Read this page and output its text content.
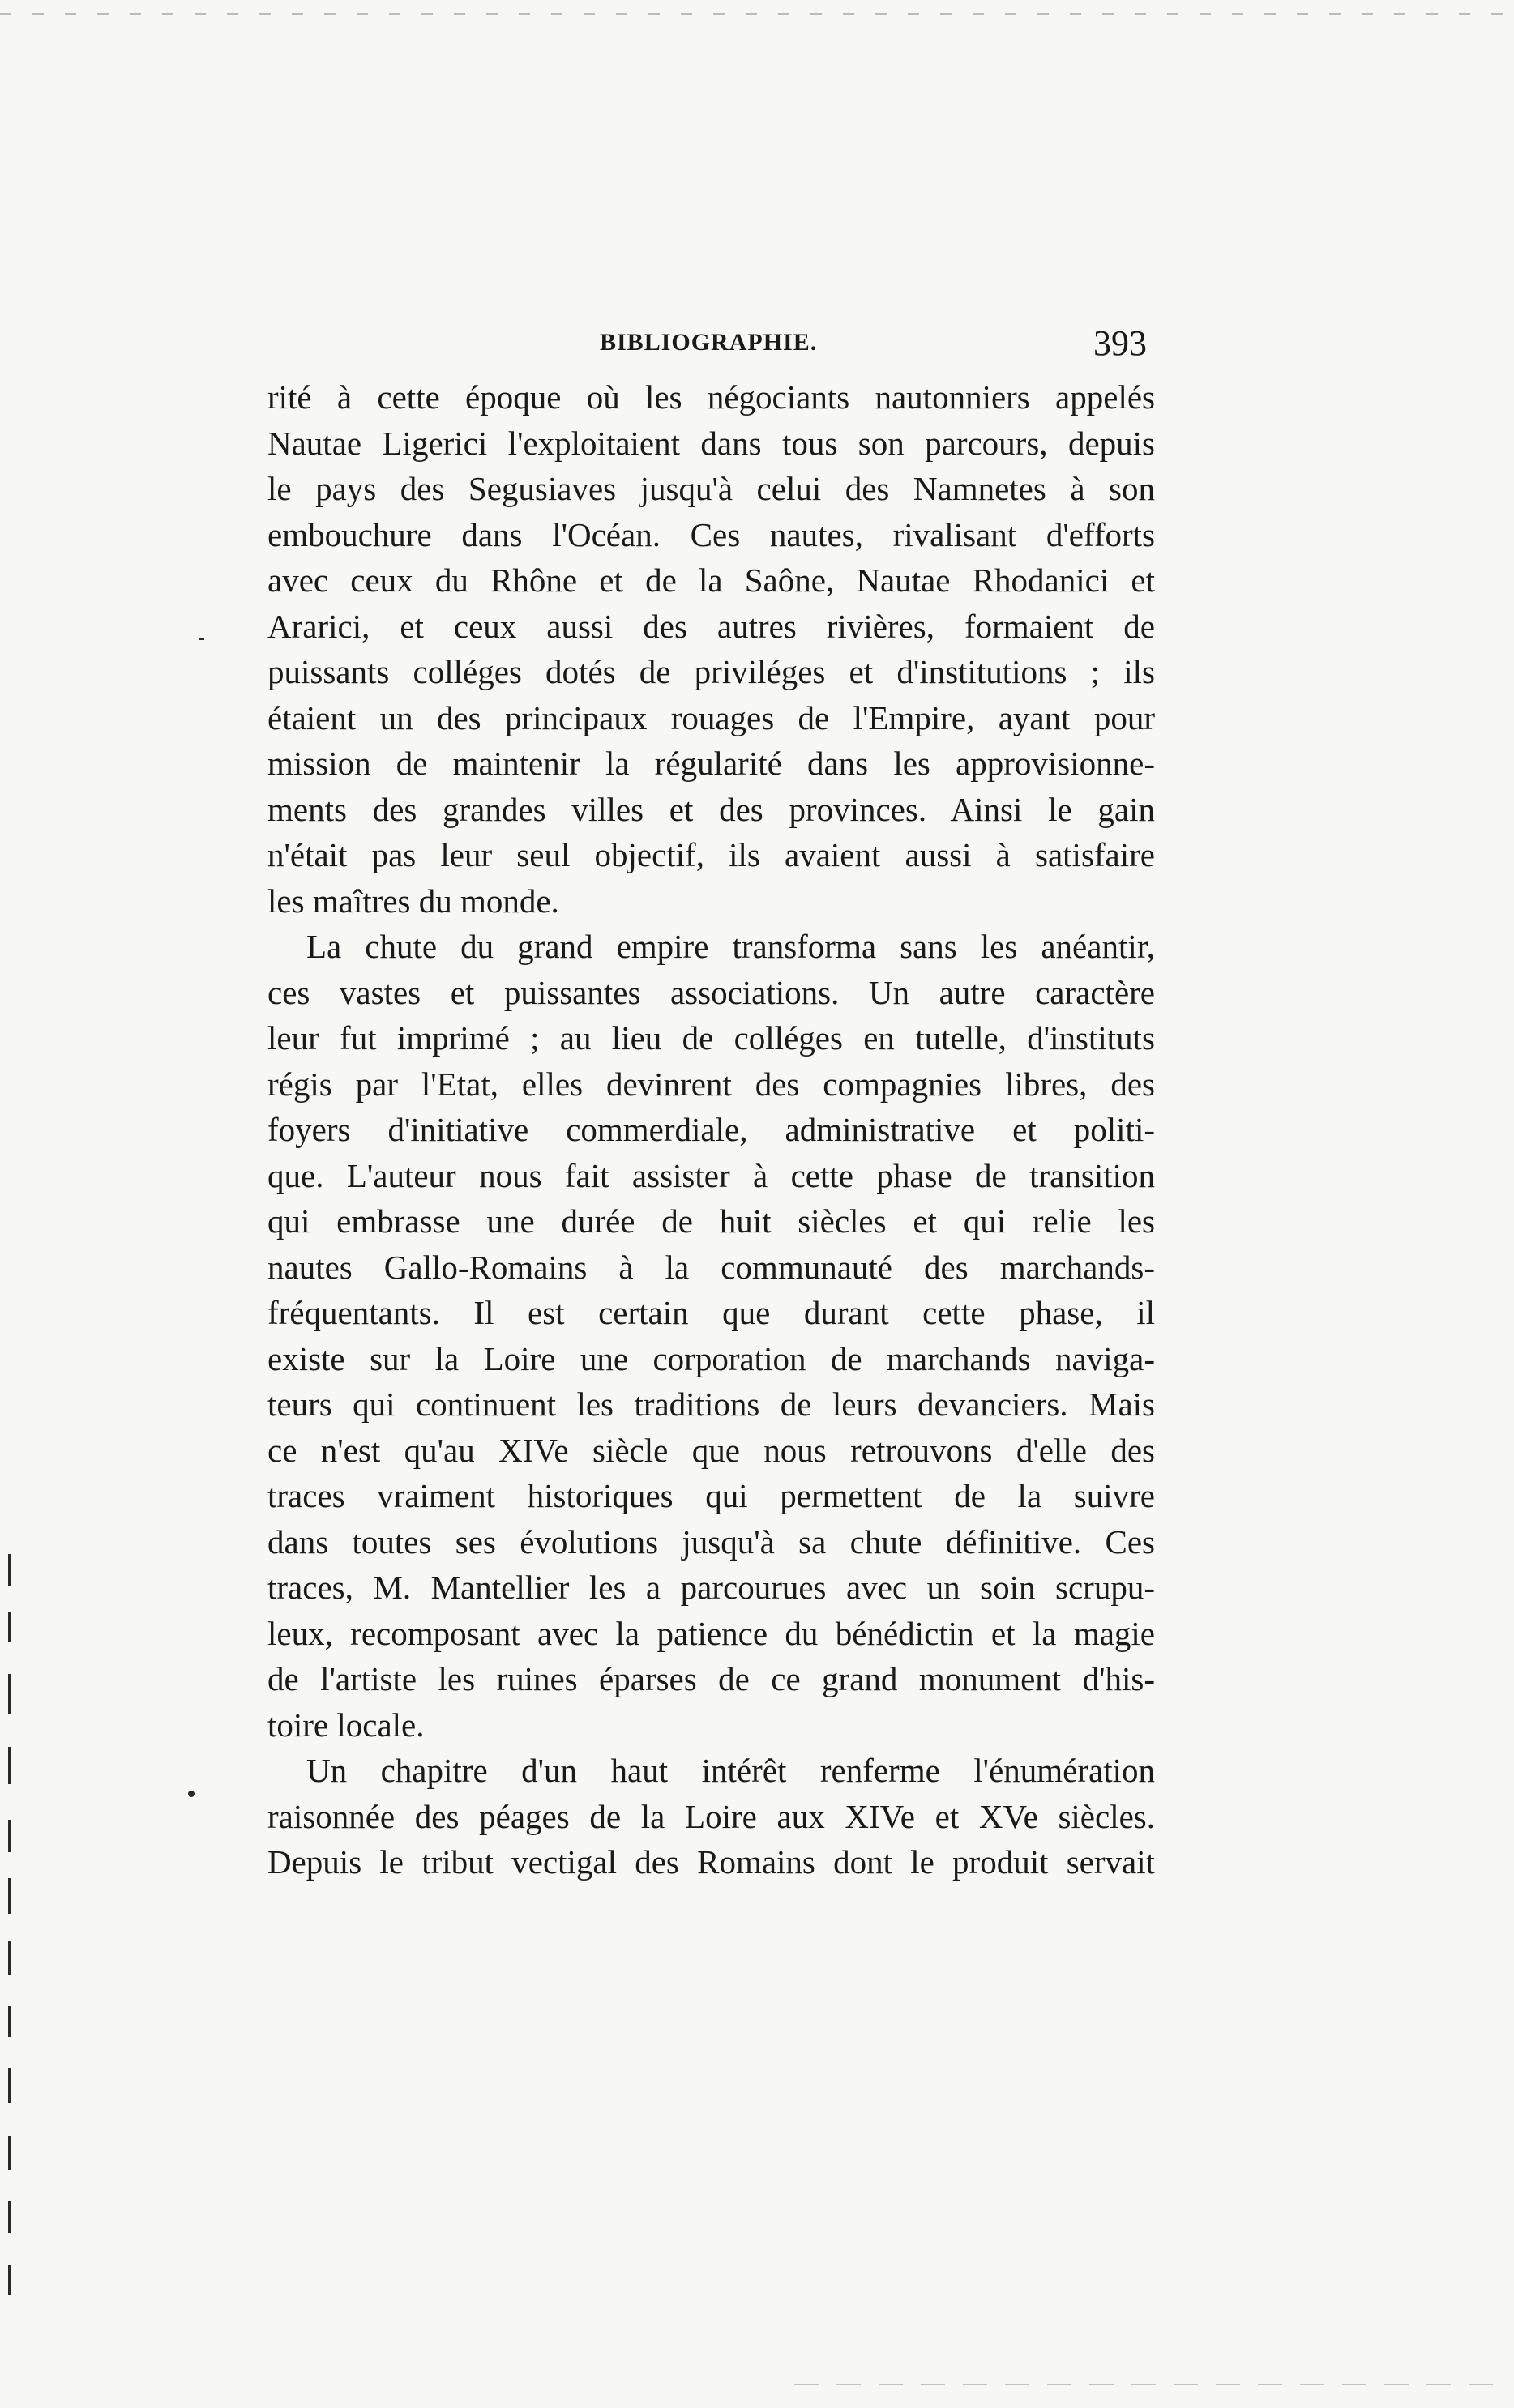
BIBLIOGRAPHIE.	393
rité à cette époque où les négociants nautonniers appelés
Nautae Ligerici l'exploitaient dans tous son parcours, depuis
le pays des Segusiaves jusqu'à celui des Namnetes à son
embouchure dans l'Océan. Ces nautes, rivalisant d'efforts
avec ceux du Rhône et de la Saône, Nautae Rhodanici et
Ararici, et ceux aussi des autres rivières, formaient de
puissants colléges dotés de priviléges et d'institutions ; ils
étaient un des principaux rouages de l'Empire, ayant pour
mission de maintenir la régularité dans les approvisionne-
ments des grandes villes et des provinces. Ainsi le gain
n'était pas leur seul objectif, ils avaient aussi à satisfaire
les maîtres du monde.
La chute du grand empire transforma sans les anéantir,
ces vastes et puissantes associations. Un autre caractère
leur fut imprimé ; au lieu de colléges en tutelle, d'instituts
régis par l'Etat, elles devinrent des compagnies libres, des
foyers d'initiative commerdiale, administrative et politi-
que. L'auteur nous fait assister à cette phase de transition
qui embrasse une durée de huit siècles et qui relie les
nautes Gallo-Romains à la communauté des marchands-
fréquentants. Il est certain que durant cette phase, il
existe sur la Loire une corporation de marchands naviga-
teurs qui continuent les traditions de leurs devanciers. Mais
ce n'est qu'au XIVe siècle que nous retrouvons d'elle des
traces vraiment historiques qui permettent de la suivre
dans toutes ses évolutions jusqu'à sa chute définitive. Ces
traces, M. Mantellier les a parcourues avec un soin scrupu-
leux, recomposant avec la patience du bénédictin et la magie
de l'artiste les ruines éparses de ce grand monument d'his-
toire locale.
Un chapitre d'un haut intérêt renferme l'énumération
raisonnée des péages de la Loire aux XIVe et XVe siècles.
Depuis le tribut vectigal des Romains dont le produit servait
